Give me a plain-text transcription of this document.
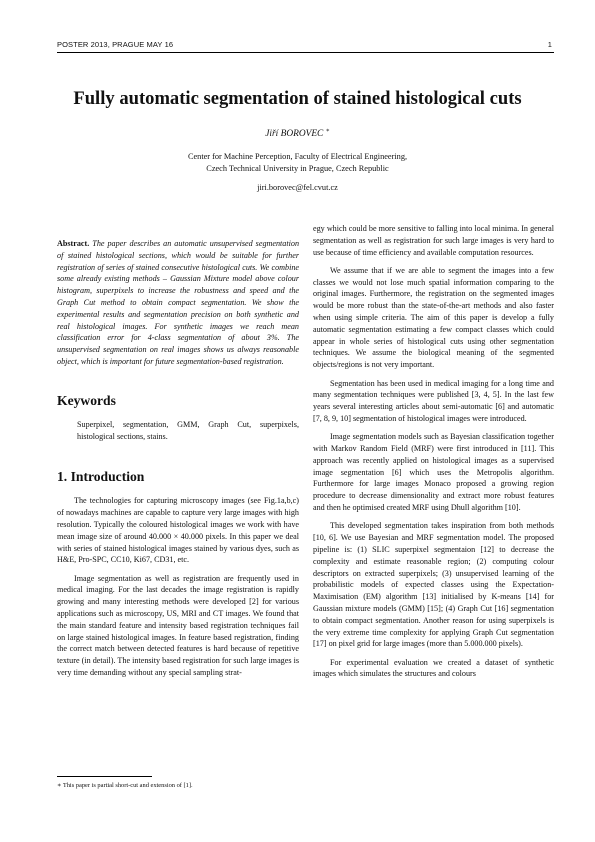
POSTER 2013, PRAGUE MAY 16	1
Fully automatic segmentation of stained histological cuts
Jiří BOROVEC ∗
Center for Machine Perception, Faculty of Electrical Engineering,
Czech Technical University in Prague, Czech Republic
jiri.borovec@fel.cvut.cz

Abstract. The paper describes an automatic unsupervised segmentation of stained histological sections, which would be suitable for further registration of series of stained consecutive histological cuts. We combine some already existing methods – Gaussian Mixture model above colour histogram, superpixels to increase the robustness and speed and the Graph Cut method to obtain compact segmentation. We show the experimental results and segmentation precision on both synthetic and real histological images. For synthetic images we reach mean classification error for 4-class segmentation of about 3%. The unsupervised segmentation on real images shows us always reasonable object, which is important for future segmentation-based registration.

Keywords

Superpixel, segmentation, GMM, Graph Cut, superpixels, histological sections, stains.

1. Introduction

The technologies for capturing microscopy images (see Fig.1a,b,c) of nowadays machines are capable to capture very large images with high resolution. Typically the coloured histological images we work with have mean image size of around 40.000 × 40.000 pixels. In this paper we deal with series of stained histological images stained by various dyes, such as H&E, Pro-SPC, CC10, Ki67, CD31, etc.

Image segmentation as well as registration are frequently used in medical imaging. For the last decades the image registration is rapidly growing and many interesting methods were developed [2] for various applications such as microscopy, US, MRI and CT images. We found that the main standard feature and intensity based registration techniques fail on large stained histological images. In feature based registration, finding the correct match between detected features is hard because of repetitive texture (in detail). The intensity based registration for such large images is very time demanding without any special sampling strat-

egy which could be more sensitive to falling into local minima. In general segmentation as well as registration for such large images is very hard to use because of time efficiency and available computation resources.

We assume that if we are able to segment the images into a few classes we would not lose much spatial information comparing to the original images. Furthermore, the registration on the segmented images would be more robust than the state-of-the-art methods and also faster when using simple criteria. The aim of this paper is develop a fully automatic segmentation estimating a few compact classes which could appear in whole series of histological cuts using other segmentation techniques. We assume the biological meaning of the segmented objects/regions is not very important.

Segmentation has been used in medical imaging for a long time and many segmentation techniques were published [3, 4, 5]. In the last few years several interesting articles about semi-automatic [6] and automatic [7, 8, 9, 10] segmentation of histological images were introduced.

Image segmentation models such as Bayesian classification together with Markov Random Field (MRF) were first introduced in [11]. This approach was recently applied on histological images as a supervised image segmentation [6] which uses the Metropolis algorithm. Furthermore for large images Monaco proposed a growing region procedure to decrease dimensionality and extract more robust features and then he optimised created MRF using Dhull algorithm [10].

This developed segmentation takes inspiration from both methods [10, 6]. We use Bayesian and MRF segmentation model. The proposed pipeline is: (1) SLIC superpixel segmentaion [12] to decrease the complexity and estimate reasonable region; (2) computing colour descriptors on extracted superpixels; (3) unsupervised learning of the probabilistic models of expected classes using the Expectation-Maximisation (EM) algorithm [13] initialised by K-means [14] for Gaussian mixture models (GMM) [15]; (4) Graph Cut [16] segmentation to obtain compact segmentation. Another reason for using superpixels is the very extreme time complexity for applying Graph Cut segmentation [17] on pixel grid for large images (more than 5.000.000 pixels).

For experimental evaluation we created a dataset of synthetic images which simulates the structures and colours

∗ This paper is partial short-cut and extension of [1].
